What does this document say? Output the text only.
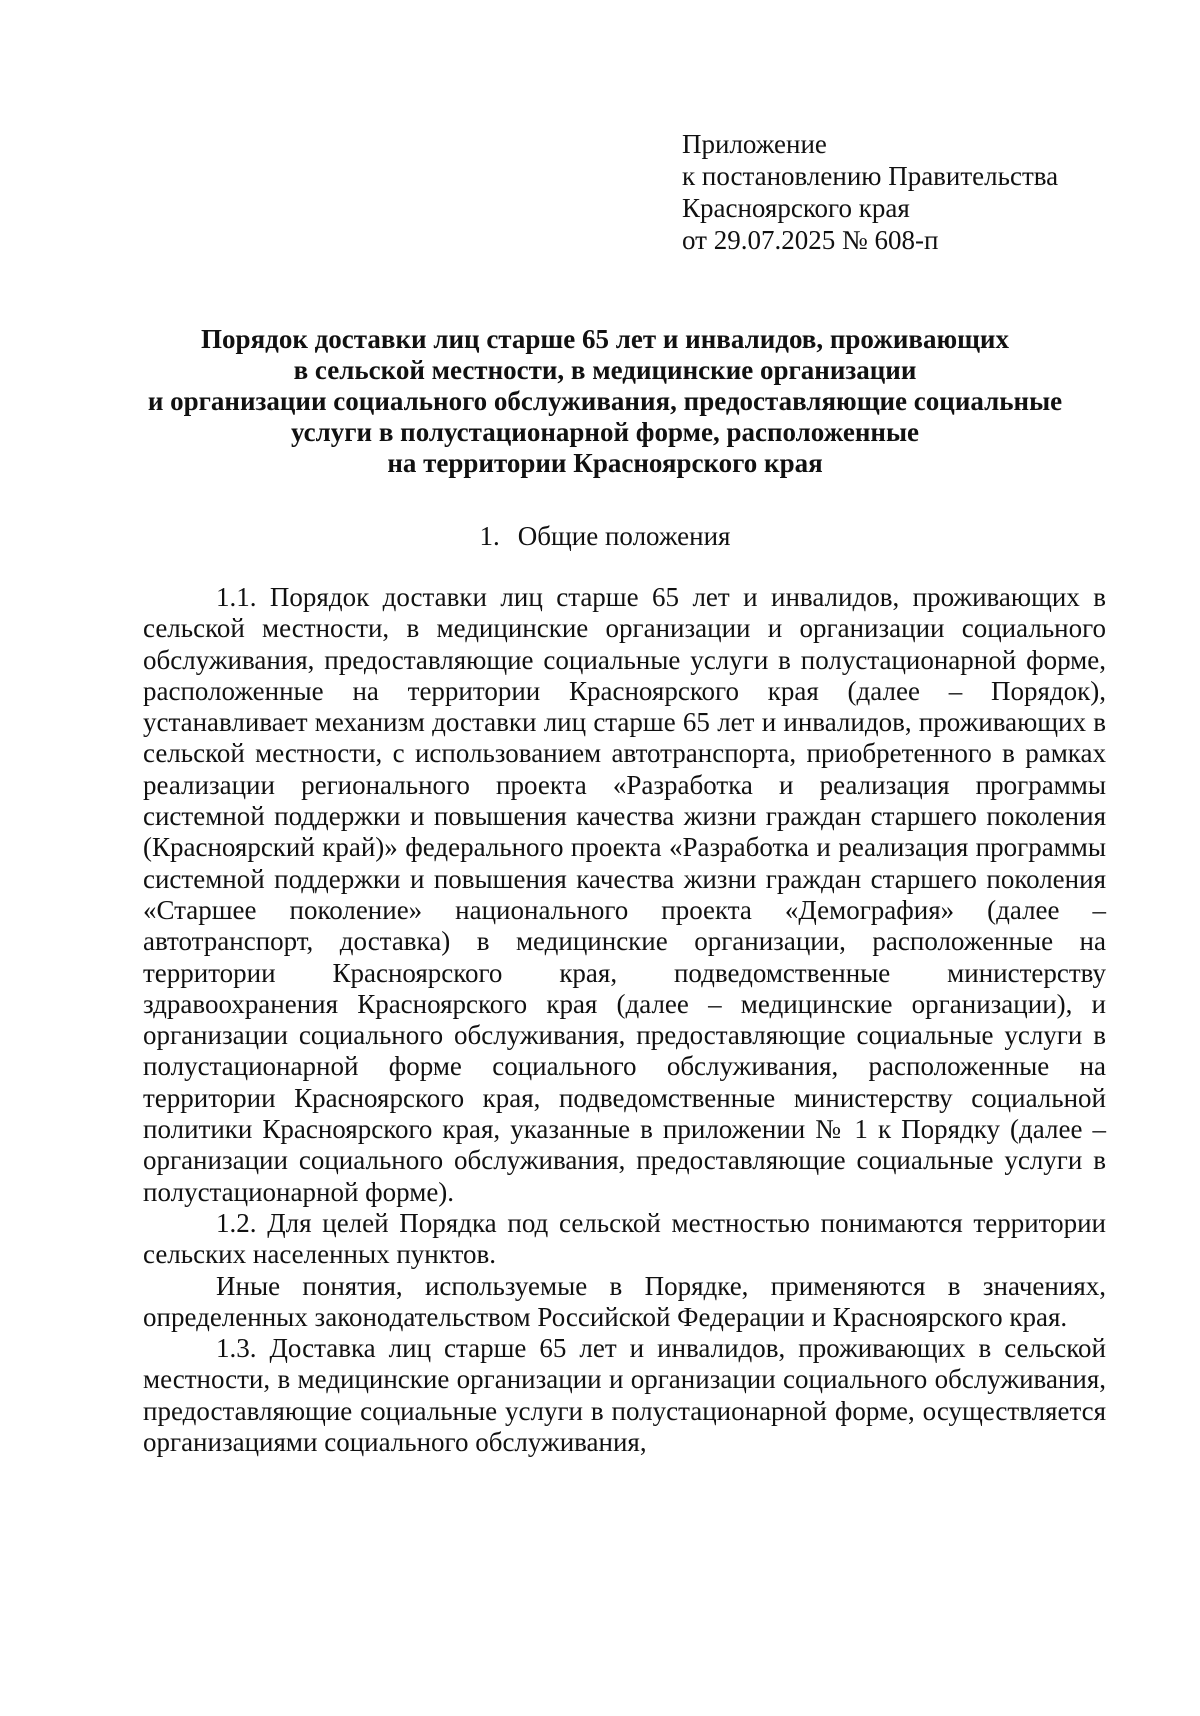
Приложение
к постановлению Правительства
Красноярского края
от 29.07.2025 № 608-п
Порядок доставки лиц старше 65 лет и инвалидов, проживающих
в сельской местности, в медицинские организации
и организации социального обслуживания, предоставляющие социальные
услуги в полустационарной форме, расположенные
на территории Красноярского края
1. Общие положения

1.1. Порядок доставки лиц старше 65 лет и инвалидов, проживающих в сельской местности, в медицинские организации и организации социального обслуживания, предоставляющие социальные услуги в полустационарной форме, расположенные на территории Красноярского края (далее – Порядок), устанавливает механизм доставки лиц старше 65 лет и инвалидов, проживающих в сельской местности, с использованием автотранспорта, приобретенного в рамках реализации регионального проекта «Разработка и реализация программы системной поддержки и повышения качества жизни граждан старшего поколения (Красноярский край)» федерального проекта «Разработка и реализация программы системной поддержки и повышения качества жизни граждан старшего поколения «Старшее поколение» национального проекта «Демография» (далее – автотранспорт, доставка) в медицинские организации, расположенные на территории Красноярского края, подведомственные министерству здравоохранения Красноярского края (далее – медицинские организации), и организации социального обслуживания, предоставляющие социальные услуги в полустационарной форме социального обслуживания, расположенные на территории Красноярского края, подведомственные министерству социальной политики Красноярского края, указанные в приложении № 1 к Порядку (далее – организации социального обслуживания, предоставляющие социальные услуги в полустационарной форме).

1.2. Для целей Порядка под сельской местностью понимаются территории сельских населенных пунктов.

Иные понятия, используемые в Порядке, применяются в значениях, определенных законодательством Российской Федерации и Красноярского края.

1.3. Доставка лиц старше 65 лет и инвалидов, проживающих в сельской местности, в медицинские организации и организации социального обслуживания, предоставляющие социальные услуги в полустационарной форме, осуществляется организациями социального обслуживания,
